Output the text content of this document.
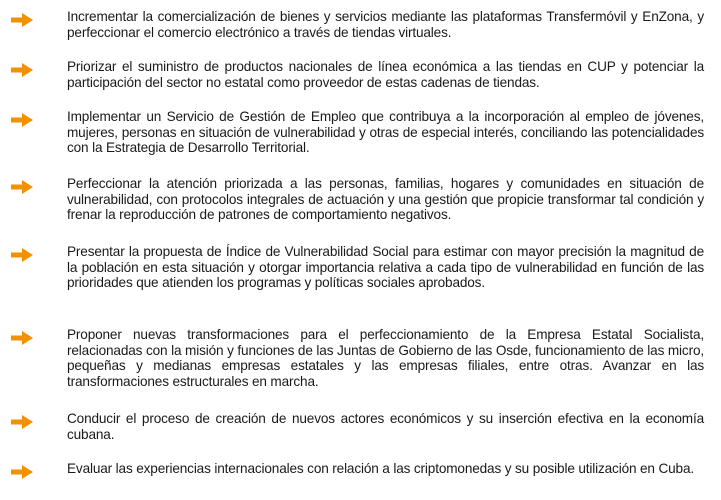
Incrementar la comercialización de bienes y servicios mediante las plataformas Transfermóvil y EnZona, y perfeccionar el comercio electrónico a través de tiendas virtuales.

Priorizar el suministro de productos nacionales de línea económica a las tiendas en CUP y potenciar la participación del sector no estatal como proveedor de estas cadenas de tiendas.

Implementar un Servicio de Gestión de Empleo que contribuya a la incorporación al empleo de jóvenes, mujeres, personas en situación de vulnerabilidad y otras de especial interés, conciliando las potencialidades con la Estrategia de Desarrollo Territorial.

Perfeccionar la atención priorizada a las personas, familias, hogares y comunidades en situación de vulnerabilidad, con protocolos integrales de actuación y una gestión que propicie transformar tal condición y frenar la reproducción de patrones de comportamiento negativos.

Presentar la propuesta de Índice de Vulnerabilidad Social para estimar con mayor precisión la magnitud de la población en esta situación y otorgar importancia relativa a cada tipo de vulnerabilidad en función de las prioridades que atienden los programas y políticas sociales aprobados.

Proponer nuevas transformaciones para el perfeccionamiento de la Empresa Estatal Socialista, relacionadas con la misión y funciones de las Juntas de Gobierno de las Osde, funcionamiento de las micro, pequeñas y medianas empresas estatales y las empresas filiales, entre otras. Avanzar en las transformaciones estructurales en marcha.

Conducir el proceso de creación de nuevos actores económicos y su inserción efectiva en la economía cubana.

Evaluar las experiencias internacionales con relación a las criptomonedas y su posible utilización en Cuba.
